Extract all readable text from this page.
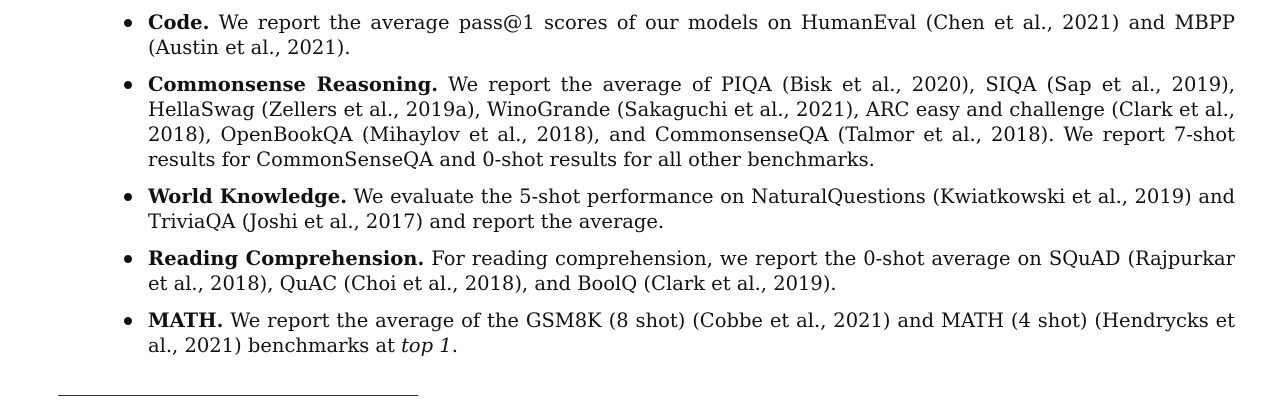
Code. We report the average pass@1 scores of our models on HumanEval (Chen et al., 2021) and MBPP (Austin et al., 2021).
Commonsense Reasoning. We report the average of PIQA (Bisk et al., 2020), SIQA (Sap et al., 2019), HellaSwag (Zellers et al., 2019a), WinoGrande (Sakaguchi et al., 2021), ARC easy and challenge (Clark et al., 2018), OpenBookQA (Mihaylov et al., 2018), and CommonsenseQA (Talmor et al., 2018). We report 7-shot results for CommonSenseQA and 0-shot results for all other benchmarks.
World Knowledge. We evaluate the 5-shot performance on NaturalQuestions (Kwiatkowski et al., 2019) and TriviaQA (Joshi et al., 2017) and report the average.
Reading Comprehension. For reading comprehension, we report the 0-shot average on SQuAD (Rajpurkar et al., 2018), QuAC (Choi et al., 2018), and BoolQ (Clark et al., 2019).
MATH. We report the average of the GSM8K (8 shot) (Cobbe et al., 2021) and MATH (4 shot) (Hendrycks et al., 2021) benchmarks at top 1.
